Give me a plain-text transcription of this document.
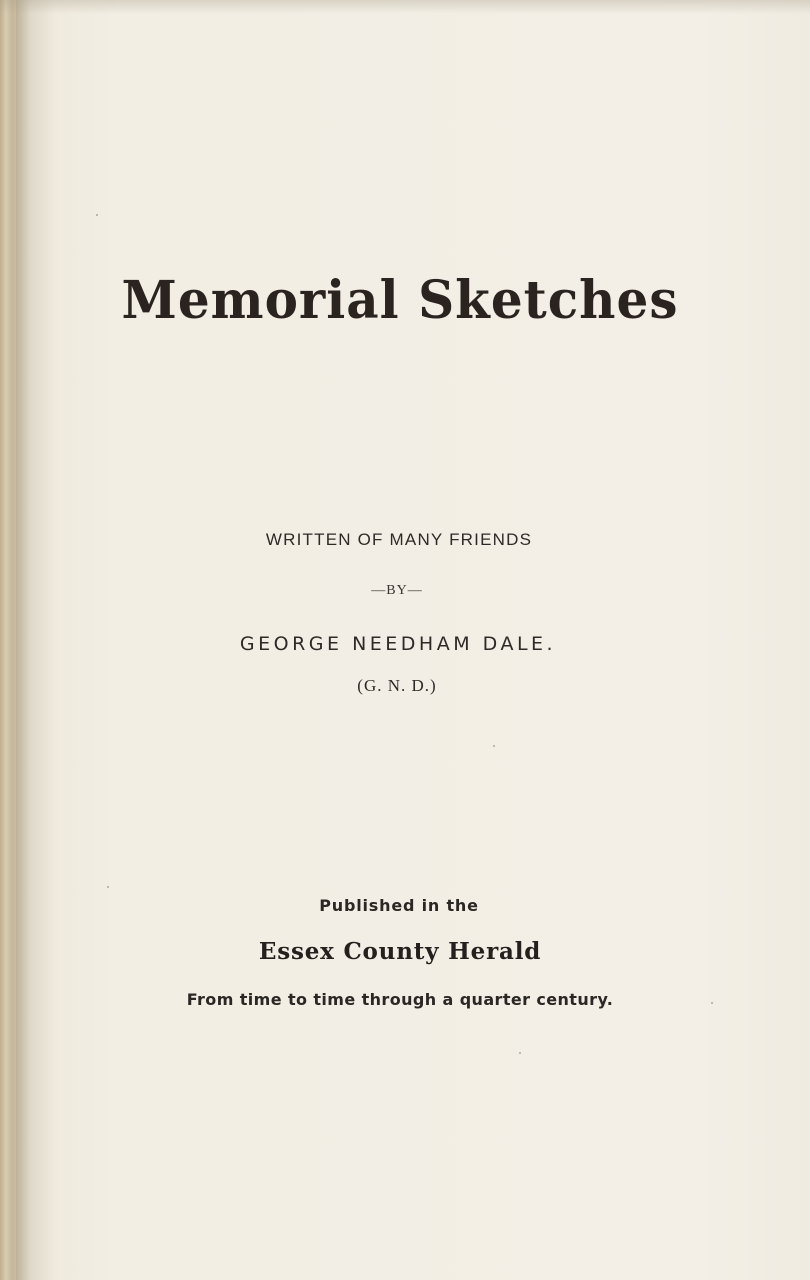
Memorial Sketches
WRITTEN OF MANY FRIENDS
—BY—
GEORGE NEEDHAM DALE.
(G. N. D.)
Published in the
Essex County Herald
From time to time through a quarter century.
